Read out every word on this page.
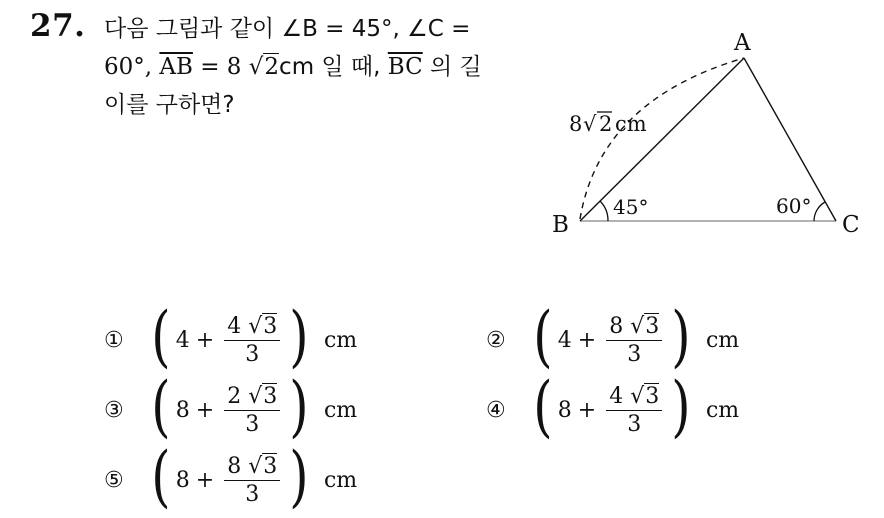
27. 다음 그림과 같이 ∠B = 45°, ∠C =
60°, $\overline{AB} = 8$ √2cm 일 때, $\overline{BC}$ 의 길
이를 구하면?
A
B	C
8 √ 2 cm
45°	60°
① ( $4 + \frac{4 √3}{3}$ ) cm	② ( $4 + \frac{8 √3}{3}$ ) cm
③ ( $8 + \frac{2 √3}{3}$ ) cm	④ ( $8 + \frac{4 √3}{3}$ ) cm
⑤ ( $8 + \frac{8 √3}{3}$ ) cm
